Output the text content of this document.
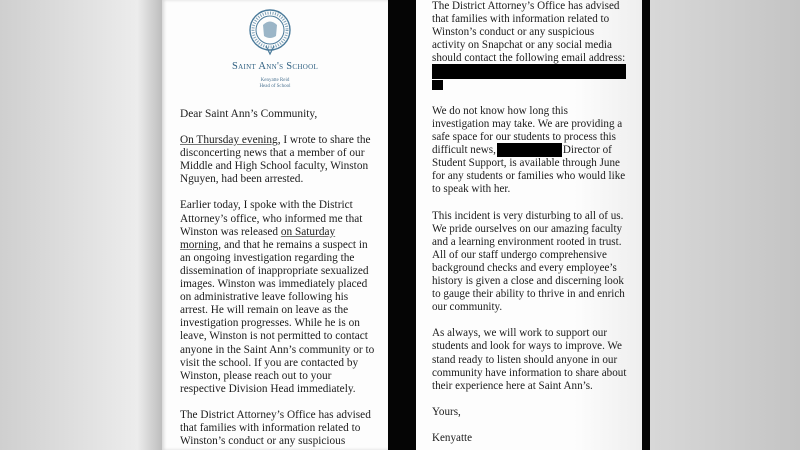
Saint Ann's School
Kenyatte Reid
Head of School
Dear Saint Ann’s Community,
On Thursday evening, I wrote to share the
disconcerting news that a member of our
Middle and High School faculty, Winston
Nguyen, had been arrested.
Earlier today, I spoke with the District
Attorney’s office, who informed me that
Winston was released on Saturday
morning, and that he remains a suspect in
an ongoing investigation regarding the
dissemination of inappropriate sexualized
images. Winston was immediately placed
on administrative leave following his
arrest. He will remain on leave as the
investigation progresses. While he is on
leave, Winston is not permitted to contact
anyone in the Saint Ann’s community or to
visit the school. If you are contacted by
Winston, please reach out to your
respective Division Head immediately.
The District Attorney’s Office has advised
that families with information related to
Winston’s conduct or any suspicious
The District Attorney’s Office has advised
that families with information related to
Winston’s conduct or any suspicious
activity on Snapchat or any social media
should contact the following email address:
We do not know how long this
investigation may take. We are providing a
safe space for our students to process this
difficult news,	Director of
Student Support, is available through June
for any students or families who would like
to speak with her.
This incident is very disturbing to all of us.
We pride ourselves on our amazing faculty
and a learning environment rooted in trust.
All of our staff undergo comprehensive
background checks and every employee’s
history is given a close and discerning look
to gauge their ability to thrive in and enrich
our community.
As always, we will work to support our
students and look for ways to improve. We
stand ready to listen should anyone in our
community have information to share about
their experience here at Saint Ann’s.
Yours,
Kenyatte
